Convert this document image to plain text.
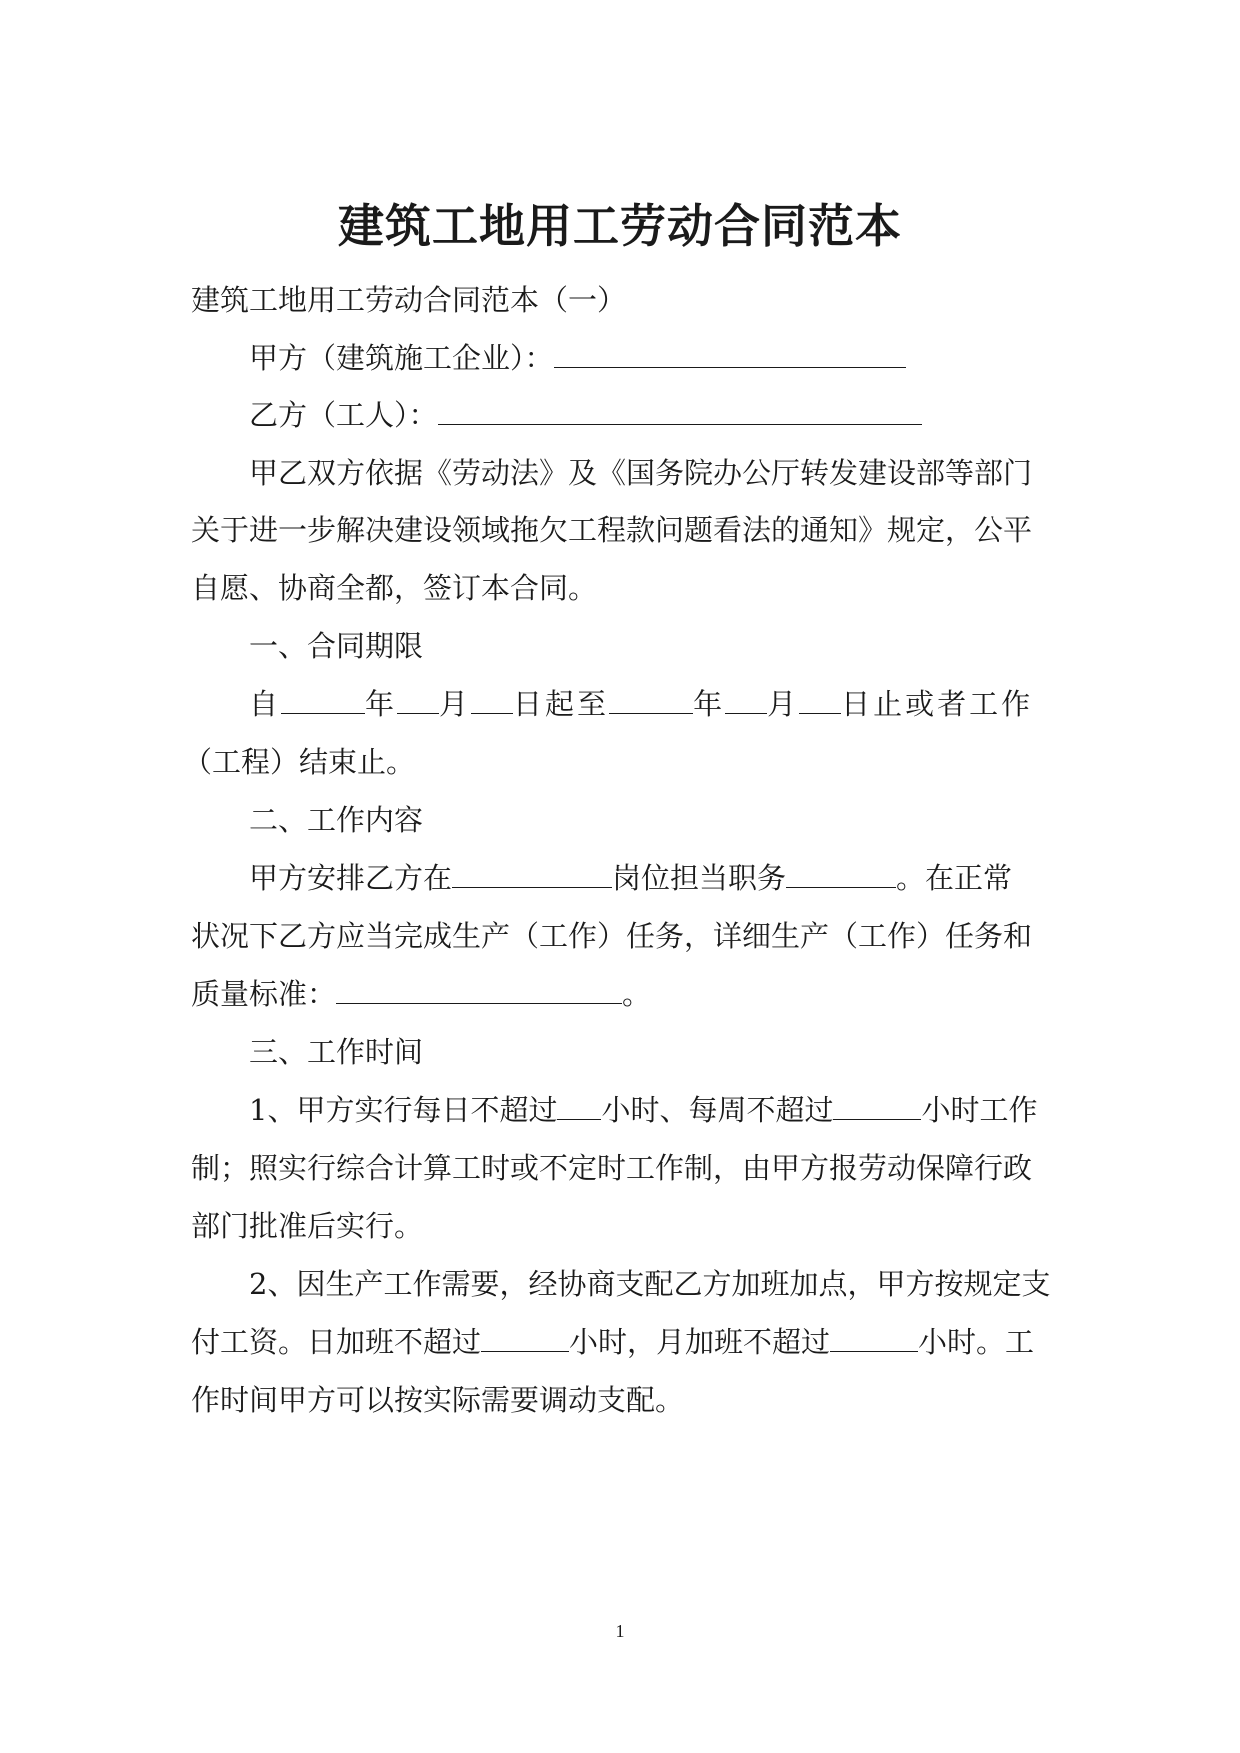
建筑工地用工劳动合同范本
建筑工地用工劳动合同范本（一）
甲方（建筑施工企业）：
乙方（工人）：
甲乙双方依据《劳动法》及《国务院办公厅转发建设部等部门
关于进一步解决建设领域拖欠工程款问题看法的通知》规定，公平
自愿、协商全都，签订本合同。
一、合同期限
自	年 月 日起至	年 月 日止或者工作
（工程）结束止。
二、工作内容
甲方安排乙方在	岗位担当职务	。在正常
状况下乙方应当完成生产（工作）任务，详细生产（工作）任务和
质量标准：	。
三、工作时间
1、甲方实行每日不超过 小时、每周不超过	小时工作
制；照实行综合计算工时或不定时工作制，由甲方报劳动保障行政
部门批准后实行。
2、因生产工作需要，经协商支配乙方加班加点，甲方按规定支
付工资。日加班不超过	小时，月加班不超过	小时。工
作时间甲方可以按实际需要调动支配。
1
